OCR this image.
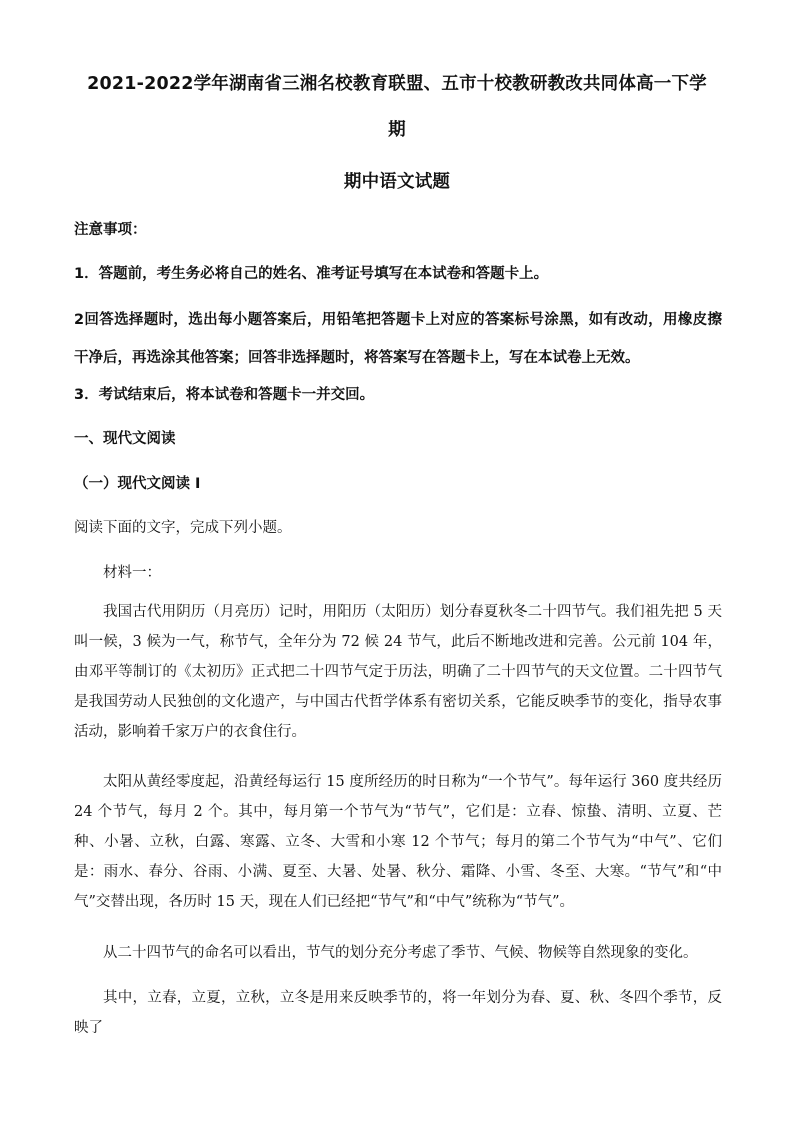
2021-2022学年湖南省三湘名校教育联盟、五市十校教研教改共同体高一下学
期
期中语文试题
注意事项：
1．答题前，考生务必将自己的姓名、准考证号填写在本试卷和答题卡上。
2回答选择题时，选出每小题答案后，用铅笔把答题卡上对应的答案标号涂黑，如有改动，用橡皮擦干净后，再选涂其他答案；回答非选择题时，将答案写在答题卡上，写在本试卷上无效。
3．考试结束后，将本试卷和答题卡一并交回。
一、现代文阅读
（一）现代文阅读 I
阅读下面的文字，完成下列小题。
材料一：
我国古代用阴历（月亮历）记时，用阳历（太阳历）划分春夏秋冬二十四节气。我们祖先把 5 天叫一候，3 候为一气，称节气，全年分为 72 候 24 节气，此后不断地改进和完善。公元前 104 年，由邓平等制订的《太初历》正式把二十四节气定于历法，明确了二十四节气的天文位置。二十四节气是我国劳动人民独创的文化遗产，与中国古代哲学体系有密切关系，它能反映季节的变化，指导农事活动，影响着千家万户的衣食住行。
太阳从黄经零度起，沿黄经每运行 15 度所经历的时日称为“一个节气”。每年运行 360 度共经历 24 个节气，每月 2 个。其中，每月第一个节气为“节气”，它们是：立春、惊蛰、清明、立夏、芒种、小暑、立秋，白露、寒露、立冬、大雪和小寒 12 个节气；每月的第二个节气为“中气”、它们是：雨水、春分、谷雨、小满、夏至、大暑、处暑、秋分、霜降、小雪、冬至、大寒。“节气”和“中气”交替出现，各历时 15 天，现在人们已经把“节气”和“中气”统称为“节气”。
从二十四节气的命名可以看出，节气的划分充分考虑了季节、气候、物候等自然现象的变化。
其中，立春，立夏，立秋，立冬是用来反映季节的，将一年划分为春、夏、秋、冬四个季节，反映了
